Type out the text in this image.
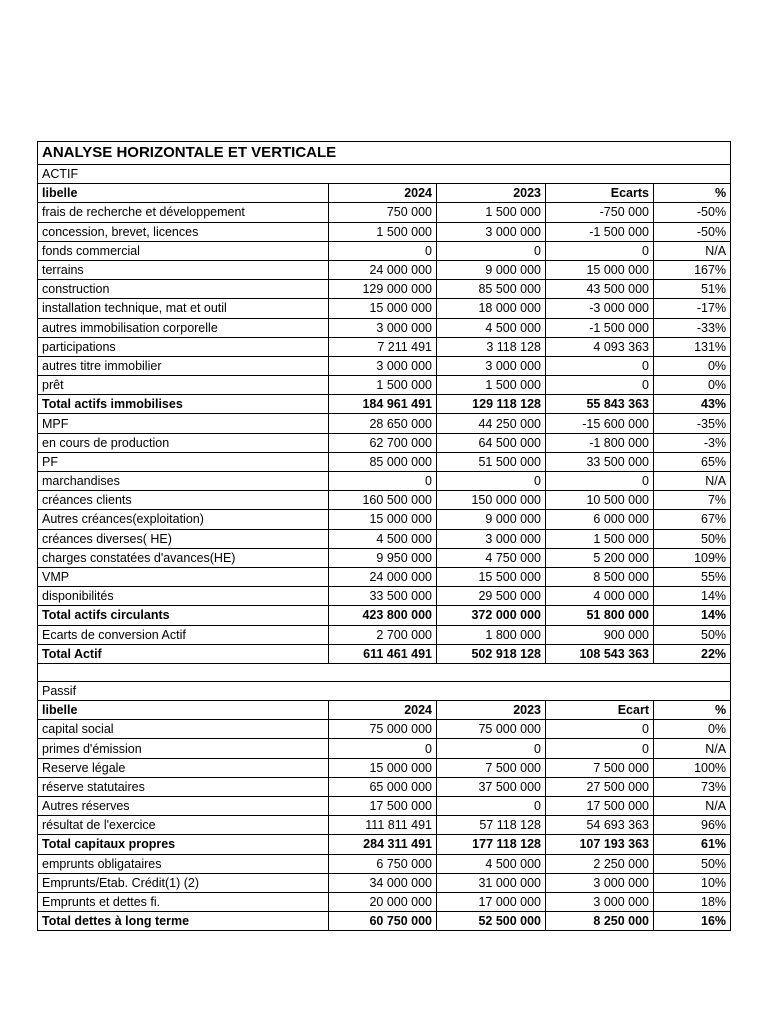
ANALYSE HORIZONTALE ET VERTICALE				
ACTIF				
libelle	2024	2023	Ecarts	%
frais de recherche et développement	750 000	1 500 000	-750 000	-50%
concession, brevet, licences	1 500 000	3 000 000	-1 500 000	-50%
fonds commercial	0	0	0	N/A
terrains	24 000 000	9 000 000	15 000 000	167%
construction	129 000 000	85 500 000	43 500 000	51%
installation technique, mat et outil	15 000 000	18 000 000	-3 000 000	-17%
autres immobilisation corporelle	3 000 000	4 500 000	-1 500 000	-33%
participations	7 211 491	3 118 128	4 093 363	131%
autres titre immobilier	3 000 000	3 000 000	0	0%
prêt	1 500 000	1 500 000	0	0%
Total actifs immobilises	184 961 491	129 118 128	55 843 363	43%
MPF	28 650 000	44 250 000	-15 600 000	-35%
en cours de production	62 700 000	64 500 000	-1 800 000	-3%
PF	85 000 000	51 500 000	33 500 000	65%
marchandises	0	0	0	N/A
créances clients	160 500 000	150 000 000	10 500 000	7%
Autres créances(exploitation)	15 000 000	9 000 000	6 000 000	67%
créances diverses( HE)	4 500 000	3 000 000	1 500 000	50%
charges constatées d'avances(HE)	9 950 000	4 750 000	5 200 000	109%
VMP	24 000 000	15 500 000	8 500 000	55%
disponibilités	33 500 000	29 500 000	4 000 000	14%
Total actifs circulants	423 800 000	372 000 000	51 800 000	14%
Ecarts de conversion Actif	2 700 000	1 800 000	900 000	50%
Total Actif	611 461 491	502 918 128	108 543 363	22%

Passif				
libelle	2024	2023	Ecart	%
capital social	75 000 000	75 000 000	0	0%
primes d'émission	0	0	0	N/A
Reserve légale	15 000 000	7 500 000	7 500 000	100%
réserve statutaires	65 000 000	37 500 000	27 500 000	73%
Autres réserves	17 500 000	0	17 500 000	N/A
résultat de l'exercice	111 811 491	57 118 128	54 693 363	96%
Total capitaux propres	284 311 491	177 118 128	107 193 363	61%
emprunts obligataires	6 750 000	4 500 000	2 250 000	50%
Emprunts/Etab. Crédit(1) (2)	34 000 000	31 000 000	3 000 000	10%
Emprunts et dettes fi.	20 000 000	17 000 000	3 000 000	18%
Total dettes à long terme	60 750 000	52 500 000	8 250 000	16%
